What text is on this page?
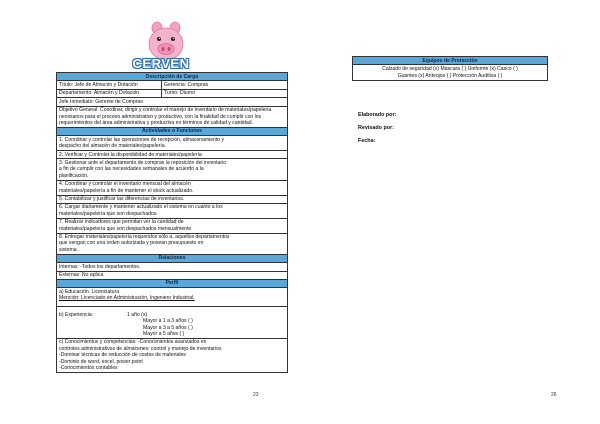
CERVEN
Descripción de Cargo
Título: Jefe de Almacén y Dotación	Gerencia: Compras
Departamento: Almacén y Dotación	Turno: Diurno
Jefe Inmediato: Gerente de Compras
Objetivo General: Coordinar, dirigir y controlar el manejo de inventario de materiales/papelería necesarios para el proceso administrativo y productivo, con la finalidad de cumplir con los requerimientos del área administrativa y productiva en términos de calidad y cantidad.
Actividades o Funciones
1. Coordinar y controlar las operaciones de recepción, almacenamiento y
despacho del almacén de materiales/papelería.
2. Verificar y Controlar la disponibilidad de materiales/papelería
3. Gestionar ante el departamento de compras la reposición del inventario
a fin de cumplir con las necesidades semanales de acuerdo a la
planificación.
4. Coordinar y controlar el inventario mensual del almacén
materiales/papelería a fin de mantener el stock actualizado.
5. Contabilizar y justificar las diferencias de inventarios.
6. Cargar diariamente y mantener actualizado el sistema en cuanto a los
materiales/papelería que son despachados.
7. Realizar indicadores que permitan ver la cantidad de
materiales/papelería que son despachados mensualmente.
8. Entregar materiales/papelería requeridos sólo a, aquellos departamentos
que vengan con una orden autorizada y posean presupuesto en
sistema.
Relaciones
Internas: -Todos los departamentos.
Externas: No aplica.
Perfil
a) Educación: Licenciatura
Mención: Licenciado en Administración, Ingeniero Industrial.
b) Experiencia:	1 año (x)
Mayor a 1 a 3 años ( )
Mayor a 3 a 5 años ( )
Mayor a 5 años ( )
c) Conocimientos y competencias: -Conocimientos avanzados en
controles administrativos de almacenes: control y manejo de inventarios
-Dominar técnicas de reducción de costos de materiales
-Dominio de word, excel, power point
-Conocimientos contables
23
Equipos de Protección
Calzado de seguridad (x) Mascara ( ) Uniforme (x) Casco ( )
Guantes (x) Anteojos ( ) Protección Auditiva ( )
Elaborado por:
Revisado por:
Fecha:
26
